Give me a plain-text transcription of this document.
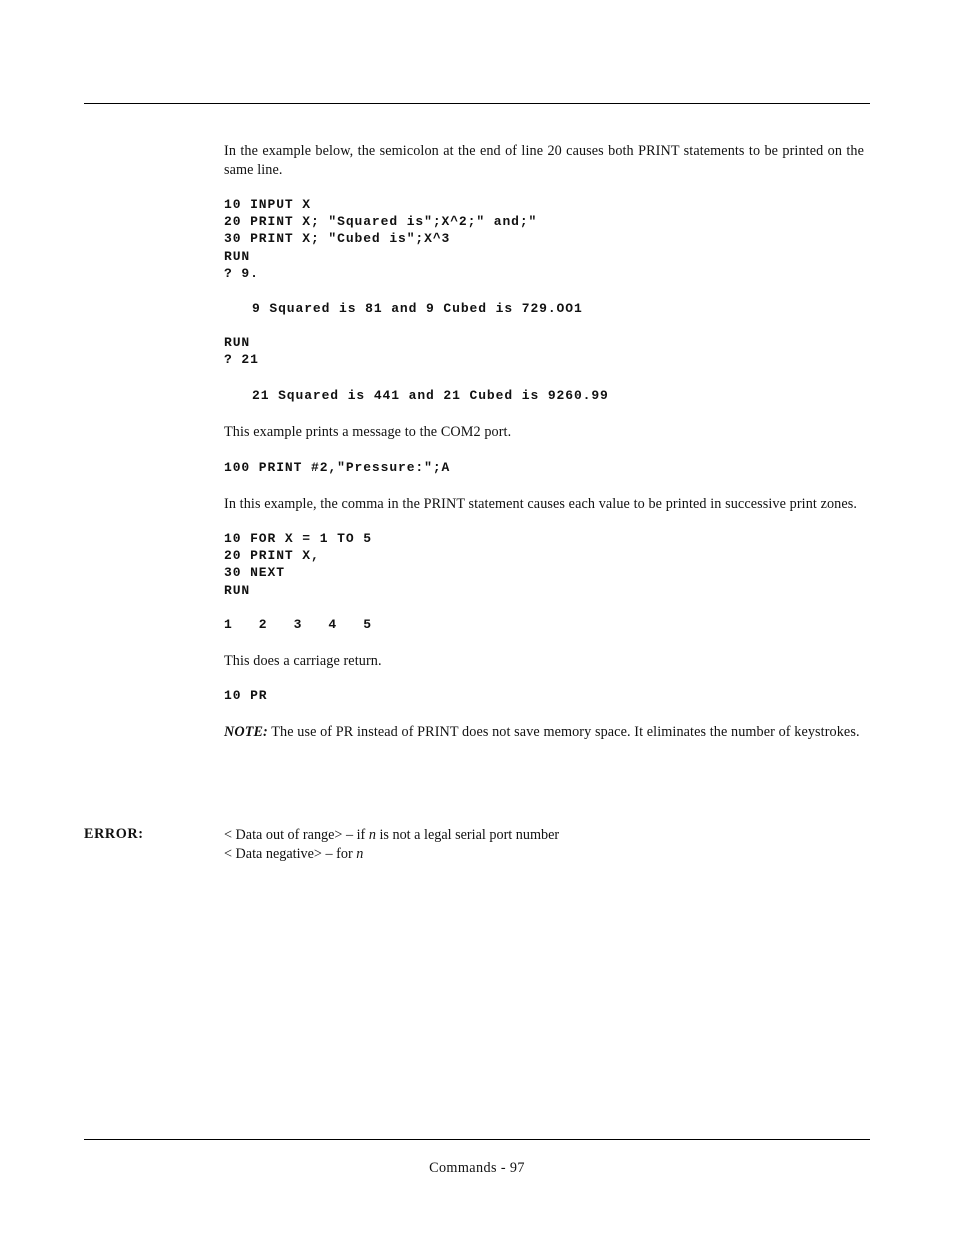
In the example below, the semicolon at the end of line 20 causes both PRINT statements to be printed on the same line.

10 INPUT X
20 PRINT X; "Squared is";X^2;" and;"
30 PRINT X; "Cubed is";X^3
RUN
? 9.
9 Squared is 81 and 9 Cubed is 729.OO1
RUN
? 21
21 Squared is 441 and 21 Cubed is 9260.99

This example prints a message to the COM2 port.

100 PRINT #2,"Pressure:";A

In this example, the comma in the PRINT statement causes each value to be printed in successive print zones.

10 FOR X = 1 TO 5
20 PRINT X,
30 NEXT
RUN
1   2   3   4   5

This does a carriage return.

10 PR

NOTE: The use of PR instead of PRINT does not save memory space. It eliminates the number of keystrokes.

ERROR:	< Data out of range> – if n is not a legal serial port number
< Data negative> – for n
Commands - 97
